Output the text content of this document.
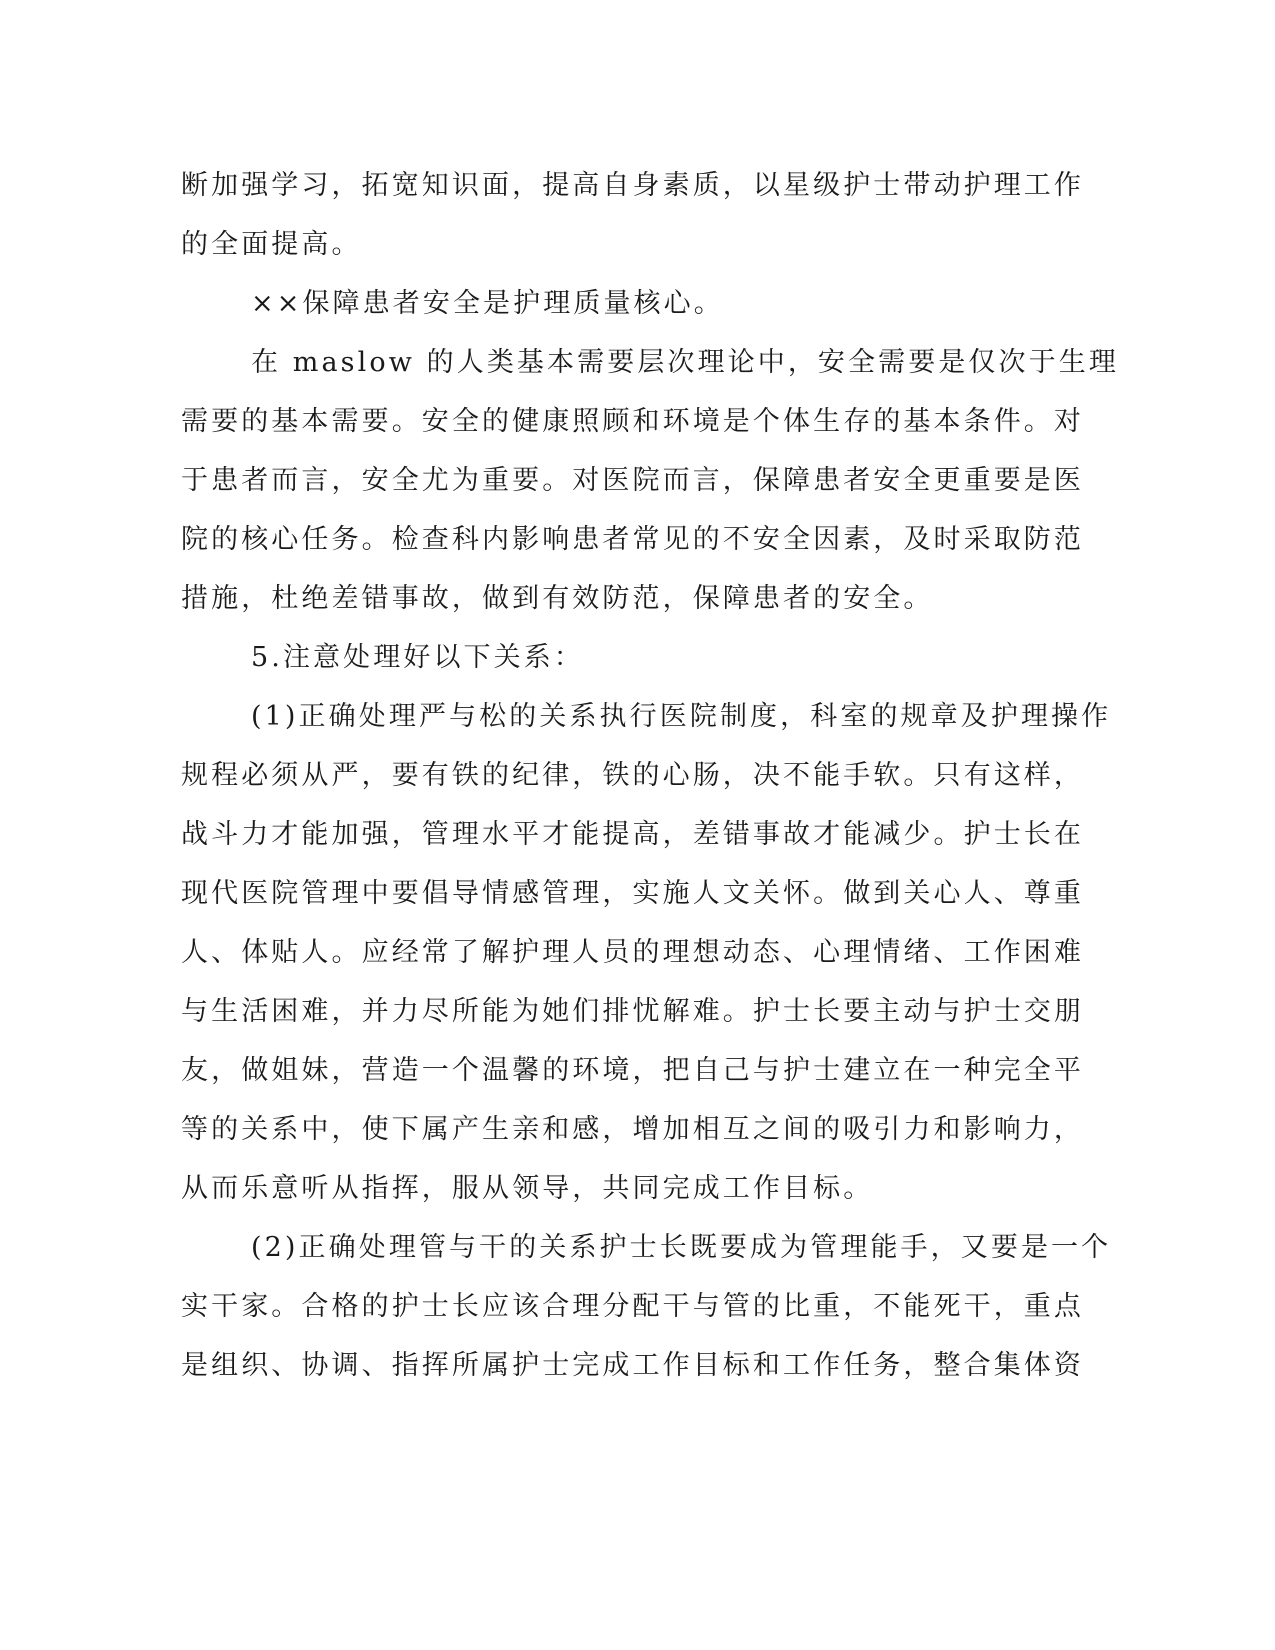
断加强学习，拓宽知识面，提高自身素质，以星级护士带动护理工作
的全面提高。
××保障患者安全是护理质量核心。
在 maslow 的人类基本需要层次理论中，安全需要是仅次于生理
需要的基本需要。安全的健康照顾和环境是个体生存的基本条件。对
于患者而言，安全尤为重要。对医院而言，保障患者安全更重要是医
院的核心任务。检查科内影响患者常见的不安全因素，及时采取防范
措施，杜绝差错事故，做到有效防范，保障患者的安全。
5.注意处理好以下关系：
(1)正确处理严与松的关系执行医院制度，科室的规章及护理操作
规程必须从严，要有铁的纪律，铁的心肠，决不能手软。只有这样，
战斗力才能加强，管理水平才能提高，差错事故才能减少。护士长在
现代医院管理中要倡导情感管理，实施人文关怀。做到关心人、尊重
人、体贴人。应经常了解护理人员的理想动态、心理情绪、工作困难
与生活困难，并力尽所能为她们排忧解难。护士长要主动与护士交朋
友，做姐妹，营造一个温馨的环境，把自己与护士建立在一种完全平
等的关系中，使下属产生亲和感，增加相互之间的吸引力和影响力，
从而乐意听从指挥，服从领导，共同完成工作目标。
(2)正确处理管与干的关系护士长既要成为管理能手，又要是一个
实干家。合格的护士长应该合理分配干与管的比重，不能死干，重点
是组织、协调、指挥所属护士完成工作目标和工作任务，整合集体资
